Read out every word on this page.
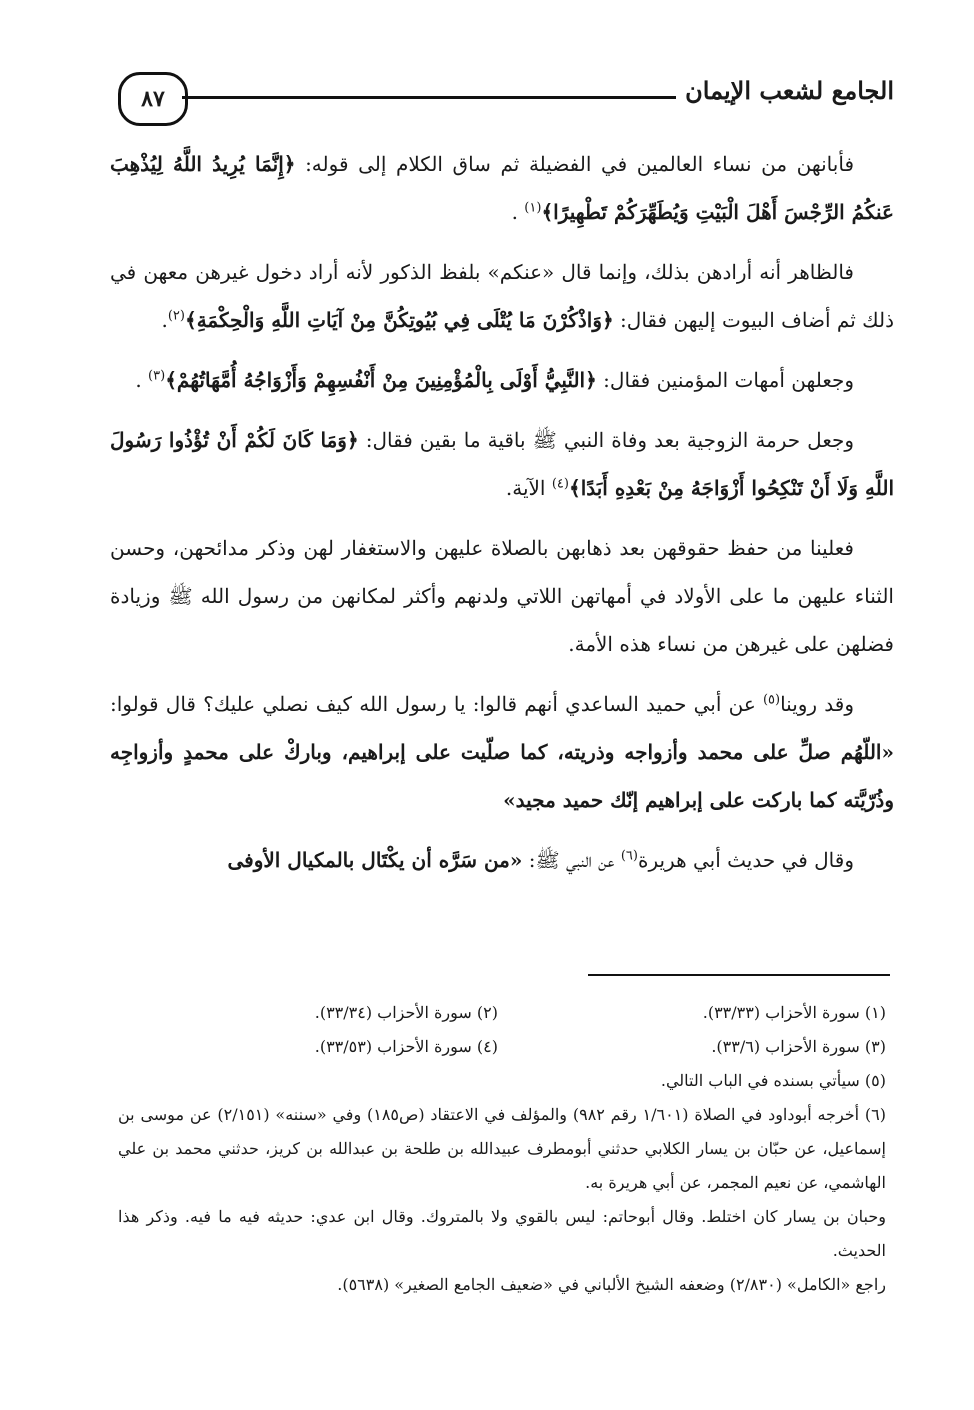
٨٧	الجامع لشعب الإيمان

فأبانهن من نساء العالمين في الفضيلة ثم ساق الكلام إلى قوله: ﴿إِنَّمَا يُرِيدُ اللَّهُ لِيُذْهِبَ عَنكُمُ الرِّجْسَ أَهْلَ الْبَيْتِ وَيُطَهِّرَكُمْ تَطْهِيرًا﴾$^{(١)}$ .

فالظاهر أنه أرادهن بذلك، وإنما قال «عنكم» بلفظ الذكور لأنه أراد دخول غيرهن معهن في ذلك ثم أضاف البيوت إليهن فقال: ﴿وَاذْكُرْنَ مَا يُتْلَى فِي بُيُوتِكُنَّ مِنْ آيَاتِ اللَّهِ وَالْحِكْمَةِ﴾$^{(٢)}$.

وجعلهن أمهات المؤمنين فقال: ﴿النَّبِيُّ أَوْلَى بِالْمُؤْمِنِينَ مِنْ أَنْفُسِهِمْ وَأَزْوَاجُهُ أُمَّهَاتُهُمْ﴾$^{(٣)}$ .

وجعل حرمة الزوجية بعد وفاة النبي ﷺ باقية ما بقين فقال: ﴿وَمَا كَانَ لَكُمْ أَنْ تُؤْذُوا رَسُولَ اللَّهِ وَلَا أَنْ تَنْكِحُوا أَزْوَاجَهُ مِنْ بَعْدِهِ أَبَدًا﴾$^{(٤)}$ الآية.

فعلينا من حفظ حقوقهن بعد ذهابهن بالصلاة عليهن والاستغفار لهن وذكر مدائحهن، وحسن الثناء عليهن ما على الأولاد في أمهاتهن اللاتي ولدنهم وأكثر لمكانهن من رسول الله ﷺ وزيادة فضلهن على غيرهن من نساء هذه الأمة.

وقد روينا$^{(٥)}$ عن أبي حميد الساعدي أنهم قالوا: يا رسول الله كيف نصلي عليك؟ قال قولوا: «اللّهُم صلِّ على محمد وأزواجه وذريته، كما صلّيت على إبراهيم، وباركْ على محمدٍ وأزواجِه وذُرّيَّته كما باركت على إبراهيم إنّك حميد مجيد»

وقال في حديث أبي هريرة$^{(٦)}$ عن النبي ﷺ: «من سَرَّه أن يكْتَال بالمكيال الأوفى

(١) سورة الأحزاب (٣٣/٣٣).
(٢) سورة الأحزاب (٣٣/٣٤).
(٣) سورة الأحزاب (٣٣/٦).
(٤) سورة الأحزاب (٣٣/٥٣).

(٥) سيأتي بسنده في الباب التالي.

(٦) أخرجه أبوداود في الصلاة (١/٦٠١ رقم ٩٨٢) والمؤلف في الاعتقاد (ص١٨٥) وفي «سننه» (٢/١٥١) عن موسى بن إسماعيل، عن حبّان بن يسار الكلابي حدثني أبومطرف عبيدالله بن طلحة بن عبدالله بن كريز، حدثني محمد بن علي الهاشمي، عن نعيم المجمر، عن أبي هريرة به.

وحبان بن يسار كان اختلط. وقال أبوحاتم: ليس بالقوي ولا بالمتروك. وقال ابن عدي: حديثه فيه ما فيه. وذكر هذا الحديث.

راجع «الكامل» (٢/٨٣٠) وضعفه الشيخ الألباني في «ضعيف الجامع الصغير» (٥٦٣٨).
